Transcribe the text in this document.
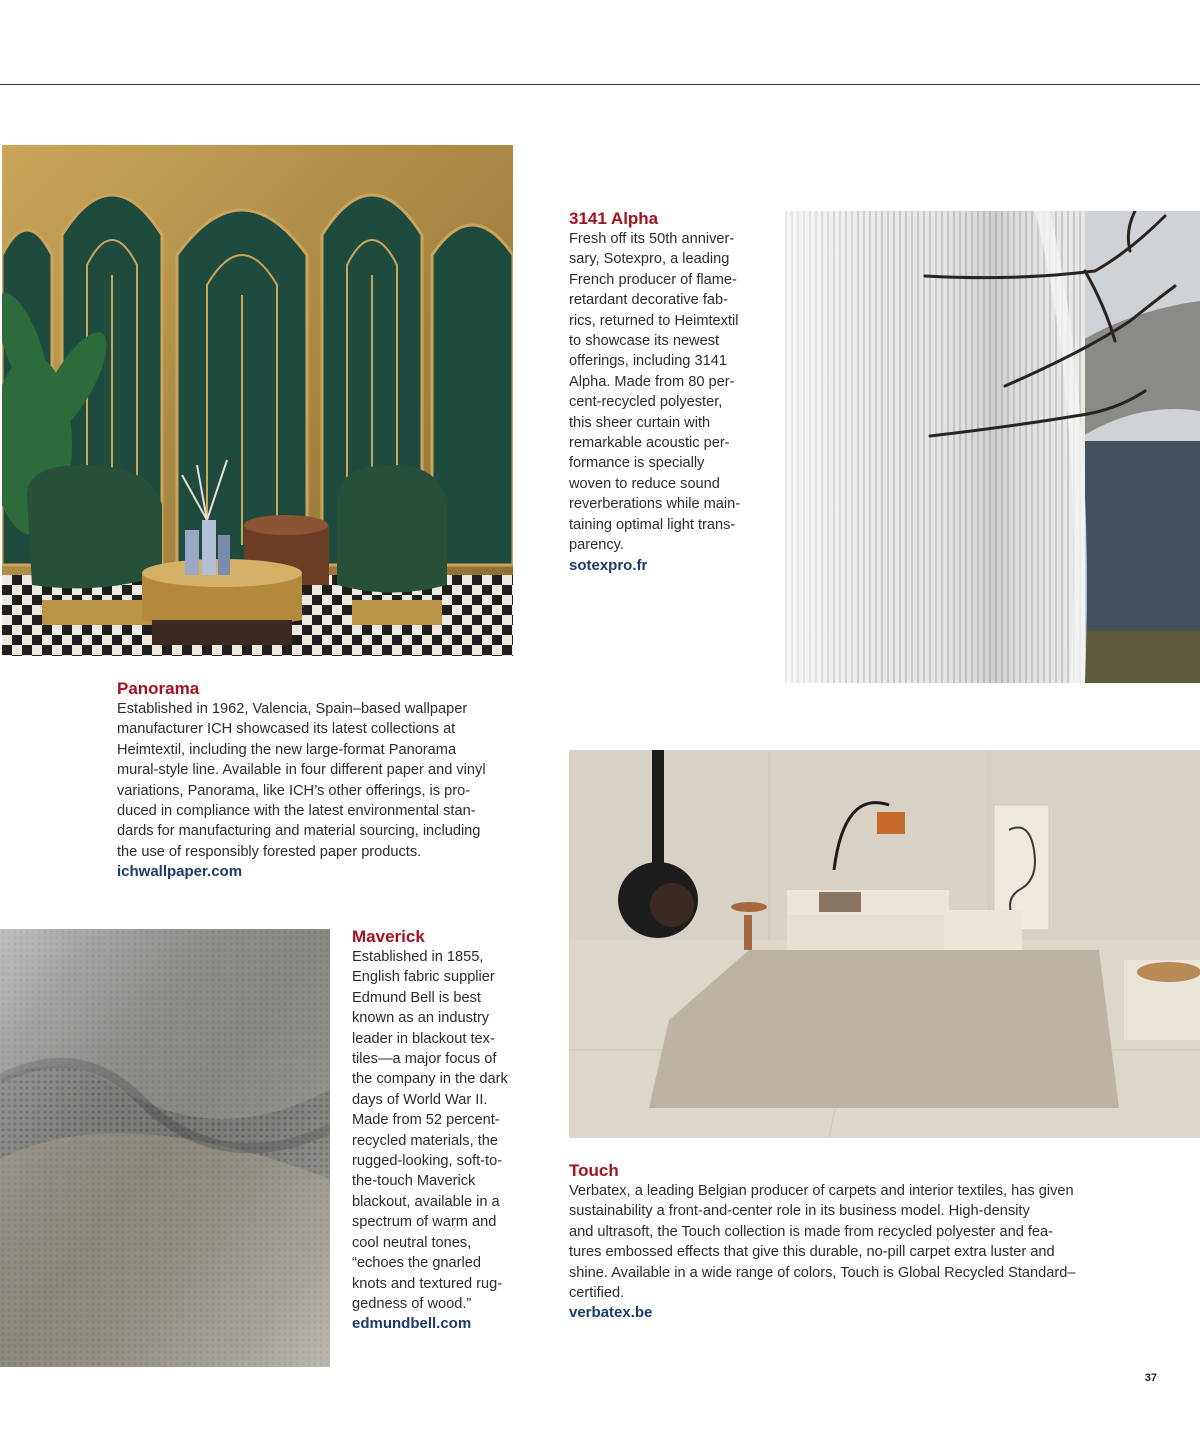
3141 Alpha
Fresh off its 50th anniver-
sary, Sotexpro, a leading
French producer of flame-
retardant decorative fab-
rics, returned to Heimtextil
to showcase its newest
offerings, including 3141
Alpha. Made from 80 per-
cent-recycled polyester,
this sheer curtain with
remarkable acoustic per-
formance is specially
woven to reduce sound
reverberations while main-
taining optimal light trans-
parency.
sotexpro.fr
Panorama
Established in 1962, Valencia, Spain–based wallpaper
manufacturer ICH showcased its latest collections at
Heimtextil, including the new large-format Panorama
mural-style line. Available in four different paper and vinyl
variations, Panorama, like ICH’s other offerings, is pro-
duced in compliance with the latest environmental stan-
dards for manufacturing and material sourcing, including
the use of responsibly forested paper products.
ichwallpaper.com
Maverick
Established in 1855,
English fabric supplier
Edmund Bell is best
known as an industry
leader in blackout tex-
tiles—a major focus of
the company in the dark
days of World War II.
Made from 52 percent-
recycled materials, the
rugged-looking, soft-to-
the-touch Maverick
blackout, available in a
spectrum of warm and
cool neutral tones,
“echoes the gnarled
knots and textured rug-
gedness of wood.”
edmundbell.com
Touch
Verbatex, a leading Belgian producer of carpets and interior textiles, has given
sustainability a front-and-center role in its business model. High-density
and ultrasoft, the Touch collection is made from recycled polyester and fea-
tures embossed effects that give this durable, no-pill carpet extra luster and
shine. Available in a wide range of colors, Touch is Global Recycled Standard–
certified.
verbatex.be
37
